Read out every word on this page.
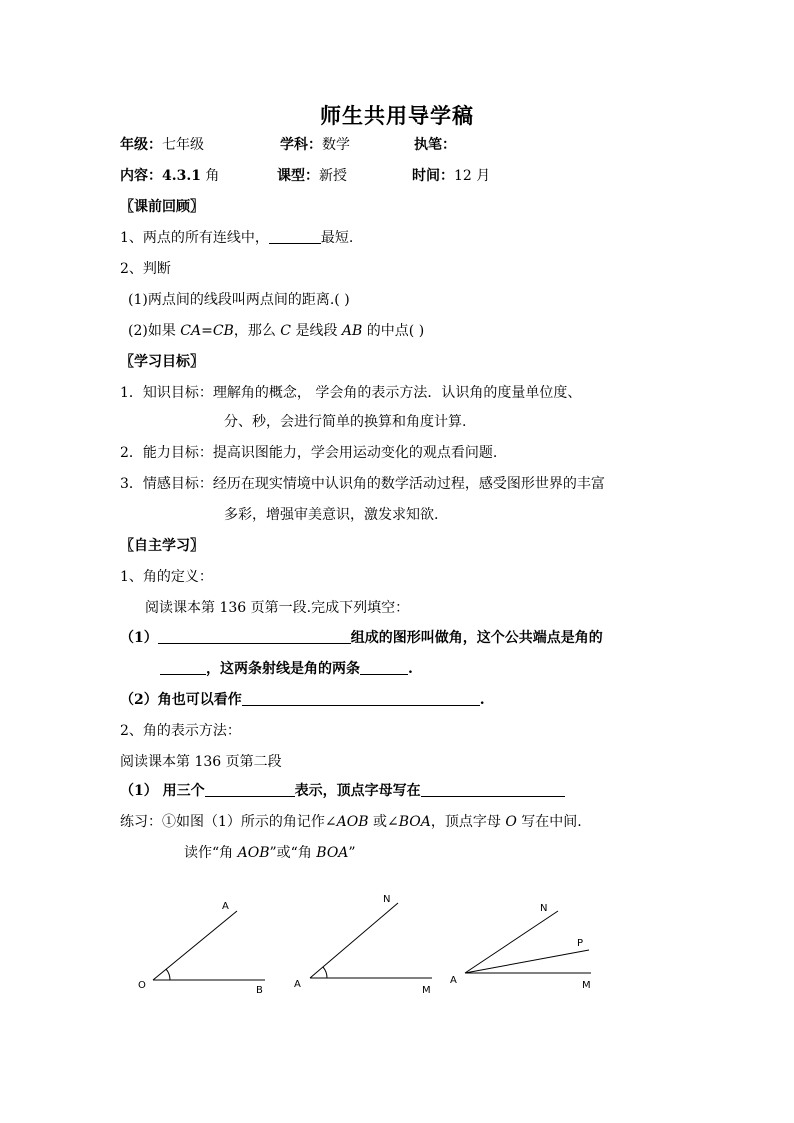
师生共用导学稿
年级：七年级	学科：数学	执笔：
内容：4.3.1 角	课型：新授	时间：12 月
〖课前回顾〗
1、两点的所有连线中，	最短.
2、判断
(1)两点间的线段叫两点间的距离.( )
(2)如果 CA=CB，那么 C 是线段 AB 的中点( )
〖学习目标〗
1．知识目标：理解角的概念， 学会角的表示方法．认识角的度量单位度、
分、秒，会进行简单的换算和角度计算.
2．能力目标：提高识图能力，学会用运动变化的观点看问题.
3．情感目标：经历在现实情境中认识角的数学活动过程，感受图形世界的丰富
多彩，增强审美意识，激发求知欲.
〖自主学习〗
1、角的定义：
阅读课本第 136 页第一段.完成下列填空：
（1）	组成的图形叫做角，这个公共端点是角的
，这两条射线是角的两条	.
（2）角也可以看作	.
2、角的表示方法：
阅读课本第 136 页第二段
（1） 用三个	表示，顶点字母写在
练习：①如图（1）所示的角记作∠AOB 或∠BOA，顶点字母 O 写在中间.
读作“角 AOB”或“角 BOA”
O
A
B
A
N
M
A
N
P
M
